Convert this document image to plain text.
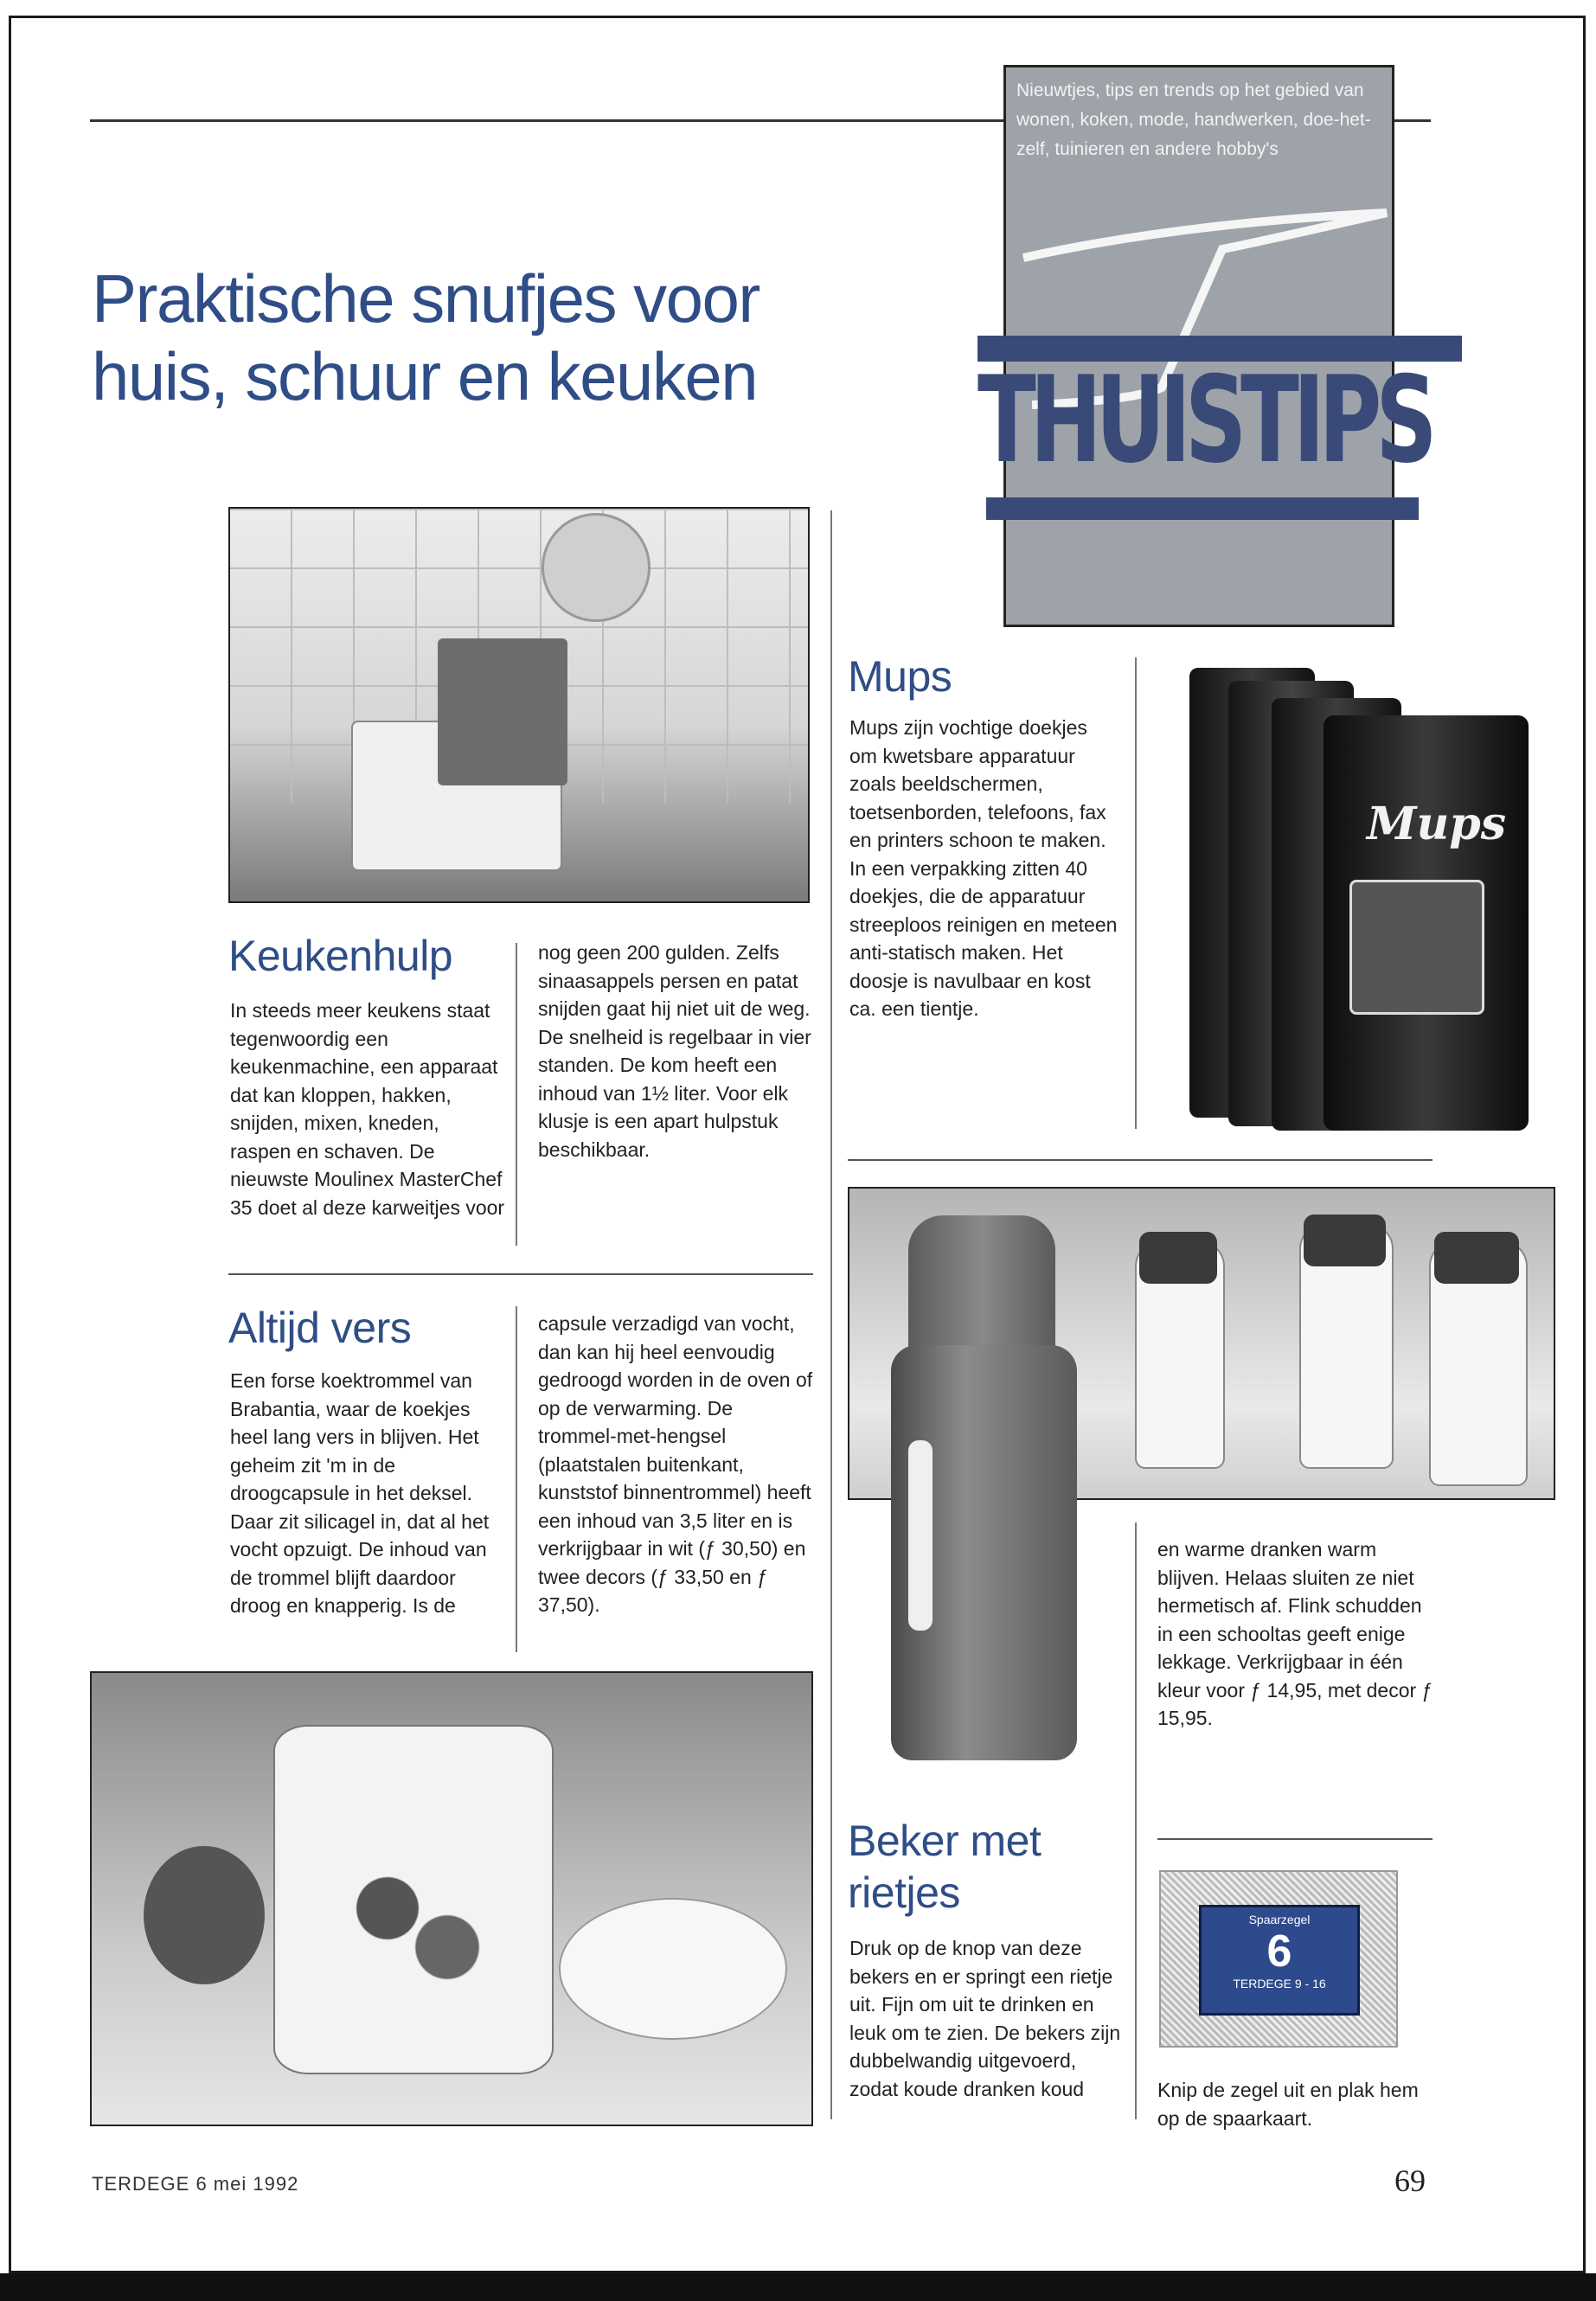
Praktische snufjes voor
huis, schuur en keuken
Nieuwtjes, tips en trends op het gebied van wonen, koken, mode, handwerken, doe-het-zelf, tuinieren en andere hobby's
THUISTIPS
Keukenhulp
In steeds meer keukens staat tegenwoordig een keukenmachine, een apparaat dat kan kloppen, hakken, snijden, mixen, kneden, raspen en schaven. De nieuwste Moulinex MasterChef 35 doet al deze karweitjes voor
nog geen 200 gulden. Zelfs sinaasappels persen en patat snijden gaat hij niet uit de weg. De snelheid is regelbaar in vier standen. De kom heeft een inhoud van 1½ liter. Voor elk klusje is een apart hulpstuk beschikbaar.
Altijd vers
Een forse koektrommel van Brabantia, waar de koekjes heel lang vers in blijven. Het geheim zit 'm in de droogcapsule in het deksel. Daar zit silicagel in, dat al het vocht opzuigt. De inhoud van de trommel blijft daardoor droog en knapperig. Is de
capsule verzadigd van vocht, dan kan hij heel eenvoudig gedroogd worden in de oven of op de verwarming. De trommel-met-hengsel (plaatstalen buitenkant, kunststof binnentrommel) heeft een inhoud van 3,5 liter en is verkrijgbaar in wit (ƒ 30,50) en twee decors (ƒ 33,50 en ƒ 37,50).
Mups
Mups zijn vochtige doekjes om kwetsbare apparatuur zoals beeldschermen, toetsenborden, telefoons, fax en printers schoon te maken. In een verpakking zitten 40 doekjes, die de apparatuur streeploos reinigen en meteen anti-statisch maken. Het doosje is navulbaar en kost ca. een tientje.
Mups
Beker met
rietjes
Druk op de knop van deze bekers en er springt een rietje uit. Fijn om uit te drinken en leuk om te zien. De bekers zijn dubbelwandig uitgevoerd, zodat koude dranken koud
en warme dranken warm blijven. Helaas sluiten ze niet hermetisch af. Flink schudden in een schooltas geeft enige lekkage. Verkrijgbaar in één kleur voor ƒ 14,95, met decor ƒ 15,95.
Spaarzegel
6
TERDEGE 9 - 16
Knip de zegel uit en plak hem op de spaarkaart.
TERDEGE 6 mei 1992	69
